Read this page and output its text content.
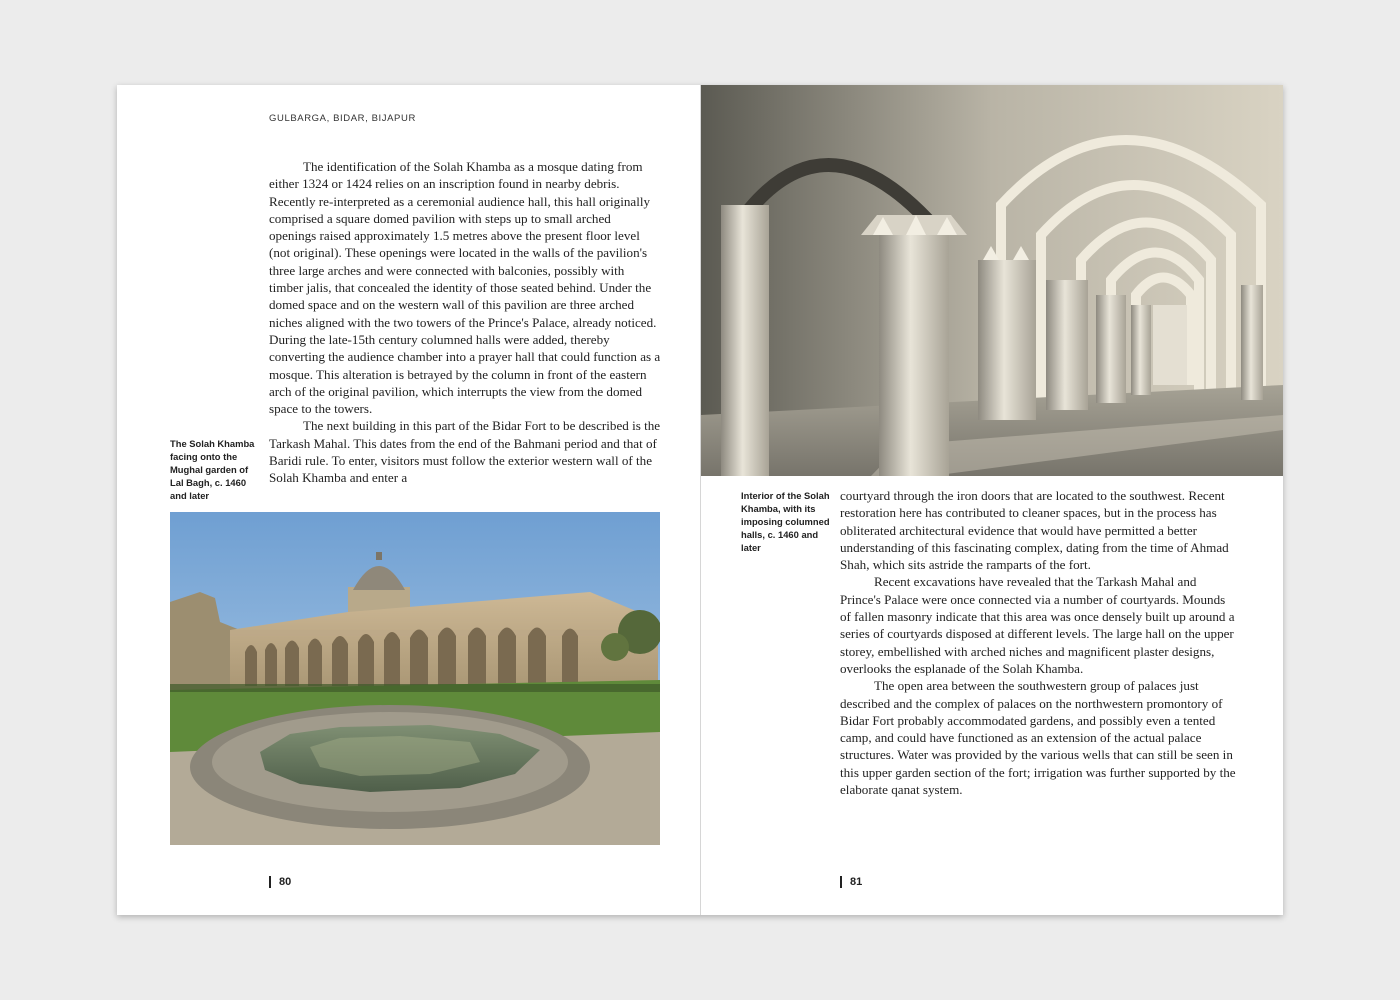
GULBARGA, BIDAR, BIJAPUR

The identification of the Solah Khamba as a mosque dating from either 1324 or 1424 relies on an inscription found in nearby debris. Recently re-interpreted as a ceremonial audience hall, this hall originally comprised a square domed pavilion with steps up to small arched openings raised approximately 1.5 metres above the present floor level (not original). These openings were located in the walls of the pavilion's three large arches and were connected with balconies, possibly with timber jalis, that concealed the identity of those seated behind. Under the domed space and on the western wall of this pavilion are three arched niches aligned with the two towers of the Prince's Palace, already noticed. During the late-15th century columned halls were added, thereby converting the audience chamber into a prayer hall that could function as a mosque. This alteration is betrayed by the column in front of the eastern arch of the original pavilion, which interrupts the view from the domed space to the towers.

The next building in this part of the Bidar Fort to be described is the Tarkash Mahal. This dates from the end of the Bahmani period and that of Baridi rule. To enter, visitors must follow the exterior western wall of the Solah Khamba and enter a

The Solah Khamba facing onto the Mughal garden of Lal Bagh, c. 1460 and later
80
Interior of the Solah Khamba, with its imposing columned halls, c. 1460 and later

courtyard through the iron doors that are located to the southwest. Recent restoration here has contributed to cleaner spaces, but in the process has obliterated architectural evidence that would have permitted a better understanding of this fascinating complex, dating from the time of Ahmad Shah, which sits astride the ramparts of the fort.

Recent excavations have revealed that the Tarkash Mahal and Prince's Palace were once connected via a number of courtyards. Mounds of fallen masonry indicate that this area was once densely built up around a series of courtyards disposed at different levels. The large hall on the upper storey, embellished with arched niches and magnificent plaster designs, overlooks the esplanade of the Solah Khamba.

The open area between the southwestern group of palaces just described and the complex of palaces on the northwestern promontory of Bidar Fort probably accommodated gardens, and possibly even a tented camp, and could have functioned as an extension of the actual palace structures. Water was provided by the various wells that can still be seen in this upper garden section of the fort; irrigation was further supported by the elaborate qanat system.

81
